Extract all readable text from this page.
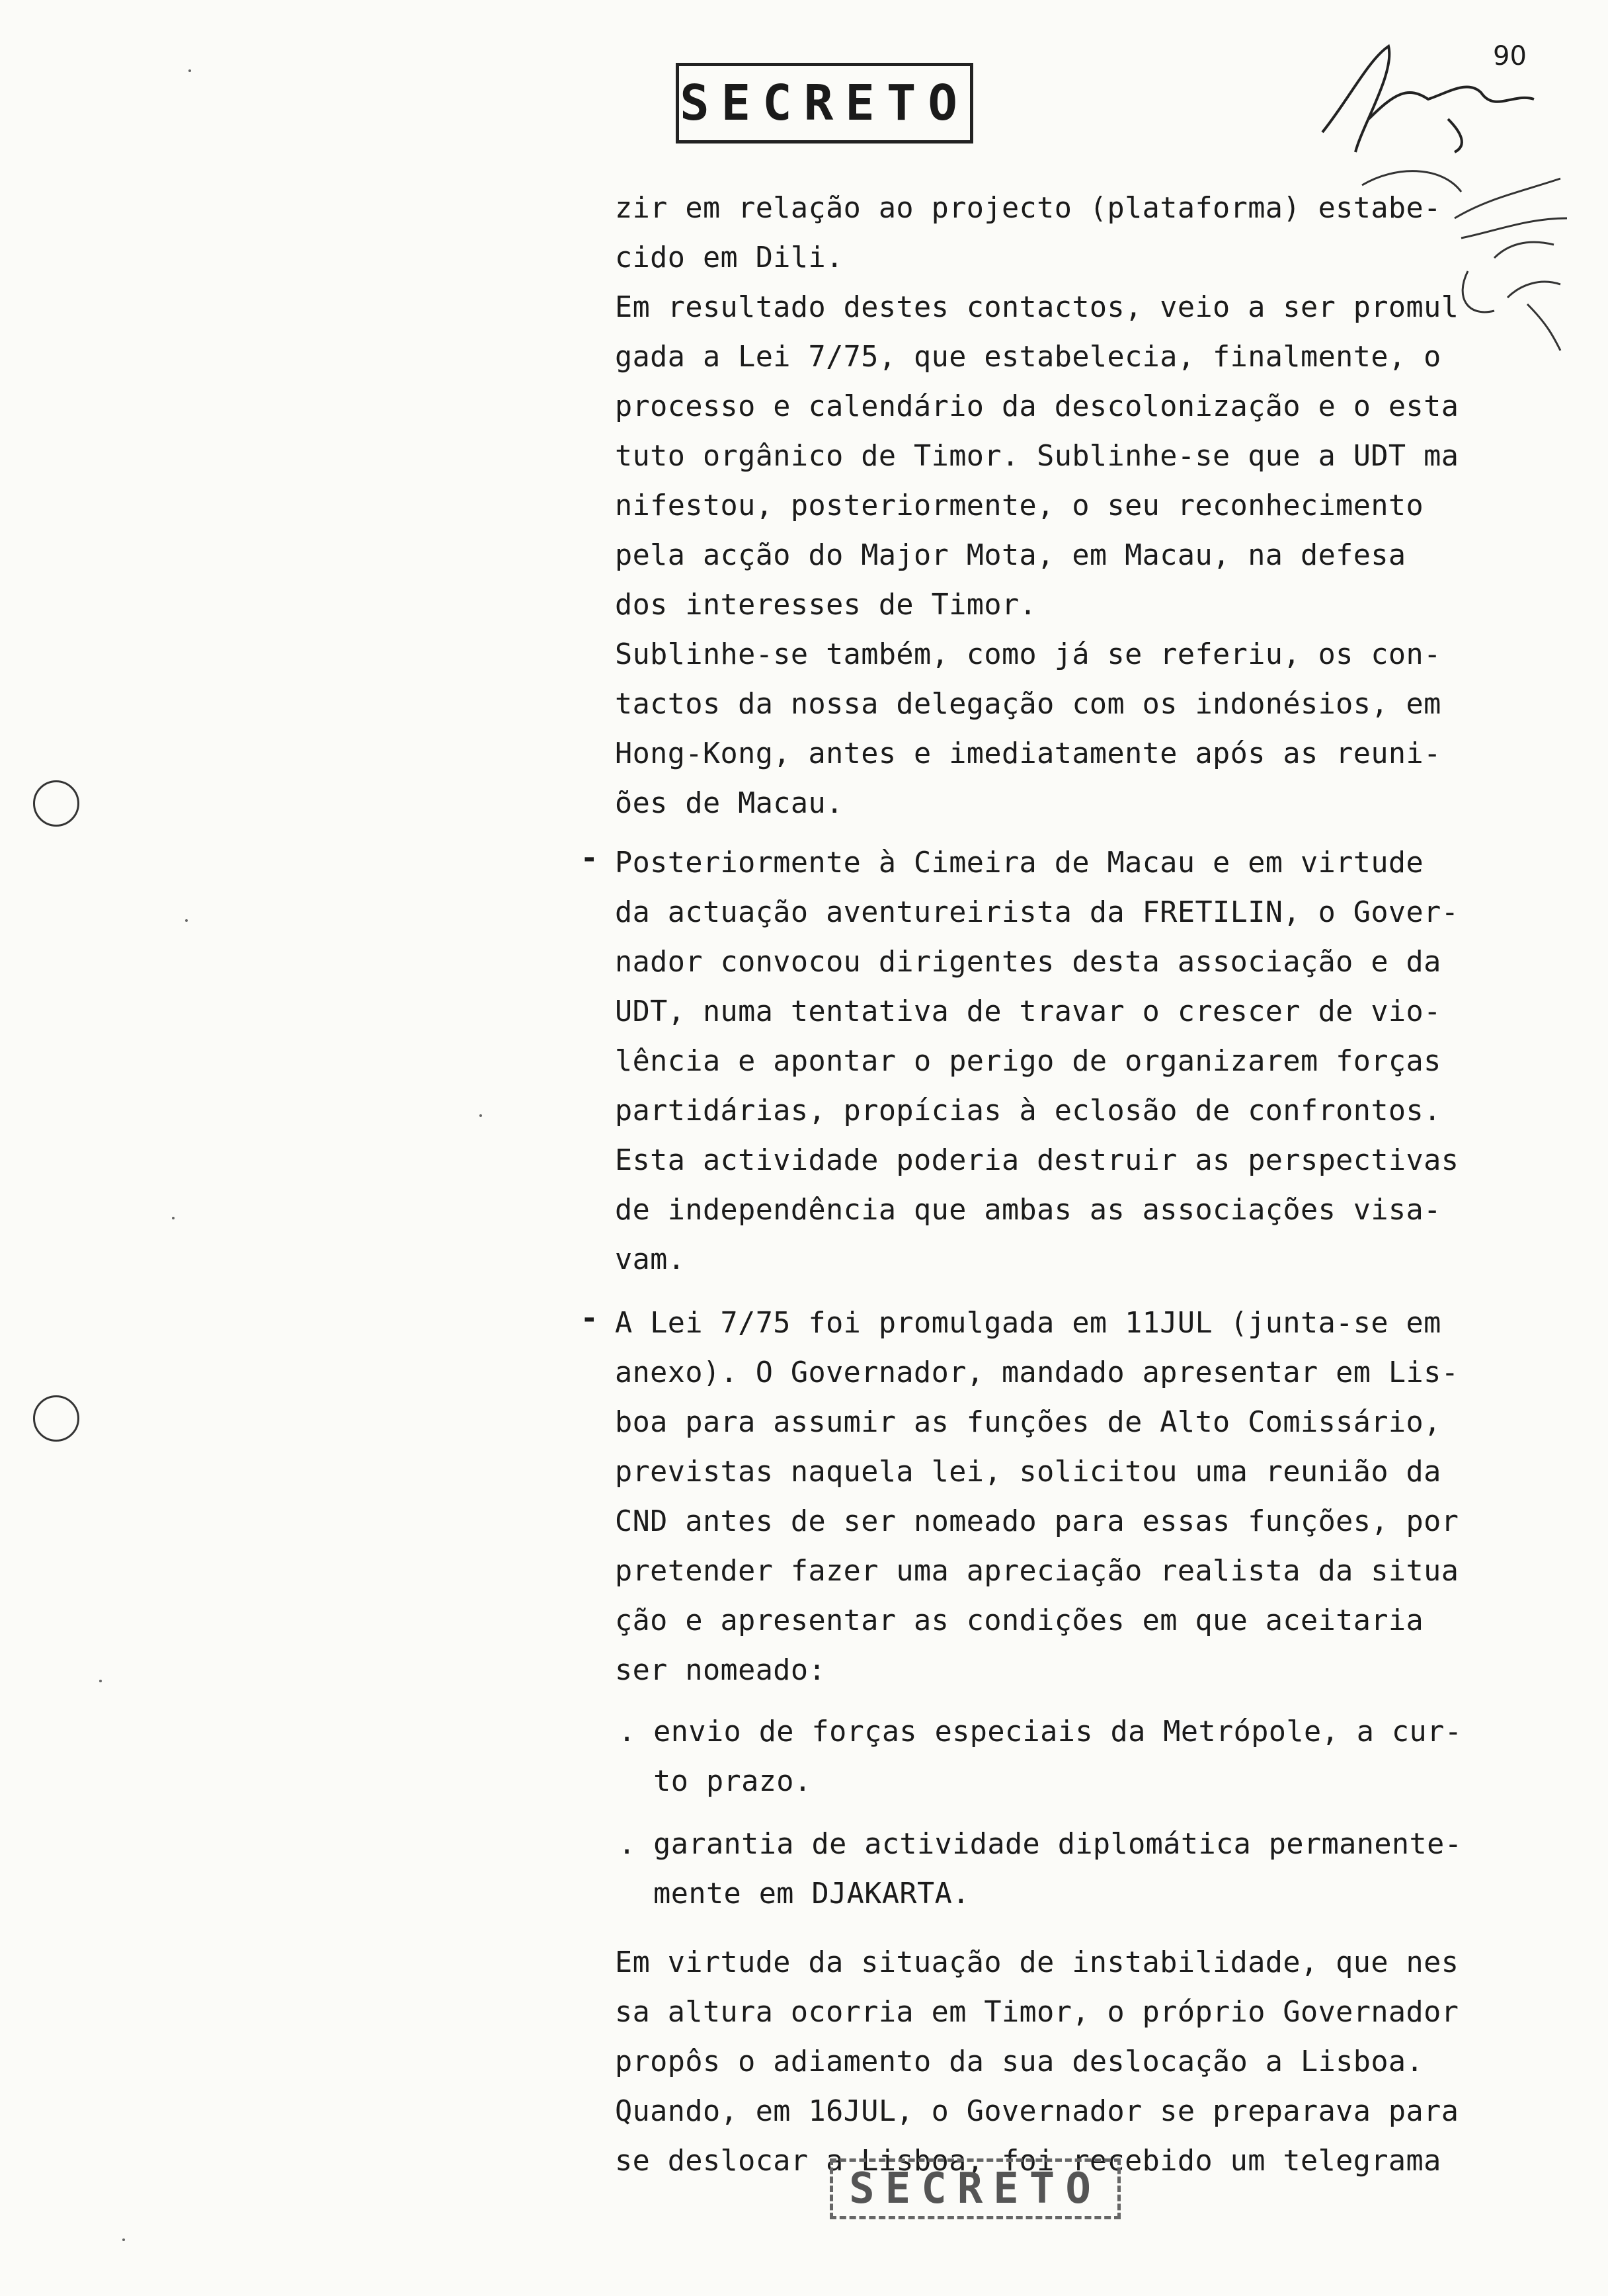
SECRETO
90
zir em relação ao projecto (plataforma) estabe-
cido em Dili.
Em resultado destes contactos, veio a ser promul
gada a Lei 7/75, que estabelecia, finalmente, o
processo e calendário da descolonização e o esta
tuto orgânico de Timor. Sublinhe-se que a UDT ma
nifestou, posteriormente, o seu reconhecimento
pela acção do Major Mota, em Macau, na defesa
dos interesses de Timor.
Sublinhe-se também, como já se referiu, os con-
tactos da nossa delegação com os indonésios, em
Hong-Kong, antes e imediatamente após as reuni-
ões de Macau.
- Posteriormente à Cimeira de Macau e em virtude
da actuação aventureirista da FRETILIN, o Gover-
nador convocou dirigentes desta associação e da
UDT, numa tentativa de travar o crescer de vio-
lência e apontar o perigo de organizarem forças
partidárias, propícias à eclosão de confrontos.
Esta actividade poderia destruir as perspectivas
de independência que ambas as associações visa-
vam.
- A Lei 7/75 foi promulgada em 11JUL (junta-se em
anexo). O Governador, mandado apresentar em Lis-
boa para assumir as funções de Alto Comissário,
previstas naquela lei, solicitou uma reunião da
CND antes de ser nomeado para essas funções, por
pretender fazer uma apreciação realista da situa
ção e apresentar as condições em que aceitaria
ser nomeado:
. envio de forças especiais da Metrópole, a cur-
to prazo.
. garantia de actividade diplomática permanente-
mente em DJAKARTA.
Em virtude da situação de instabilidade, que nes
sa altura ocorria em Timor, o próprio Governador
propôs o adiamento da sua deslocação a Lisboa.
Quando, em 16JUL, o Governador se preparava para
se deslocar a Lisboa, foi recebido um telegrama
SECRETO
